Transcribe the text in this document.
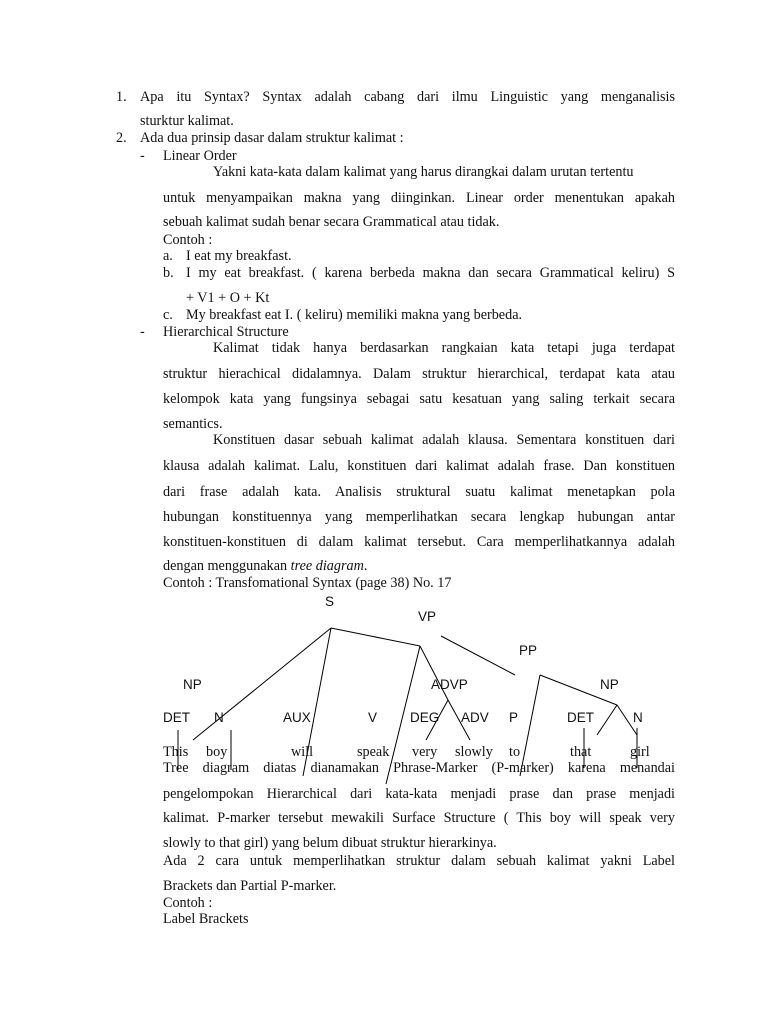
1. Apa itu Syntax? Syntax adalah cabang dari ilmu Linguistic yang menganalisis
sturktur kalimat.
2. Ada dua prinsip dasar dalam struktur kalimat :
- Linear Order
Yakni kata-kata dalam kalimat yang harus dirangkai dalam urutan tertentu
untuk menyampaikan makna yang diinginkan. Linear order menentukan apakah
sebuah kalimat sudah benar secara Grammatical atau tidak.
Contoh :
a. I eat my breakfast.
b. I my eat breakfast. ( karena berbeda makna dan secara Grammatical keliru) S
+ V1 + O + Kt
c. My breakfast eat I. ( keliru) memiliki makna yang berbeda.
- Hierarchical Structure
Kalimat tidak hanya berdasarkan rangkaian kata tetapi juga terdapat
struktur hierachical didalamnya. Dalam struktur hierarchical, terdapat kata atau
kelompok kata yang fungsinya sebagai satu kesatuan yang saling terkait secara
semantics.
Konstituen dasar sebuah kalimat adalah klausa. Sementara konstituen dari
klausa adalah kalimat. Lalu, konstituen dari kalimat adalah frase. Dan konstituen
dari frase adalah kata. Analisis struktural suatu kalimat menetapkan pola
hubungan konstituennya yang memperlihatkan secara lengkap hubungan antar
konstituen-konstituen di dalam kalimat tersebut. Cara memperlihatkannya adalah
dengan menggunakan tree diagram.
Contoh : Transfomational Syntax (page 38) No. 17
S
VP
PP
NP	ADVP	NP
DET N	AUX	V DEG ADV P	DET	N
This boy	will	speak very slowly to	that	girl
Tree diagram diatas dianamakan Phrase-Marker (P-marker) karena menandai
pengelompokan Hierarchical dari kata-kata menjadi prase dan prase menjadi
kalimat. P-marker tersebut mewakili Surface Structure ( This boy will speak very
slowly to that girl) yang belum dibuat struktur hierarkinya.
Ada 2 cara untuk memperlihatkan struktur dalam sebuah kalimat yakni Label
Brackets dan Partial P-marker.
Contoh :
Label Brackets
